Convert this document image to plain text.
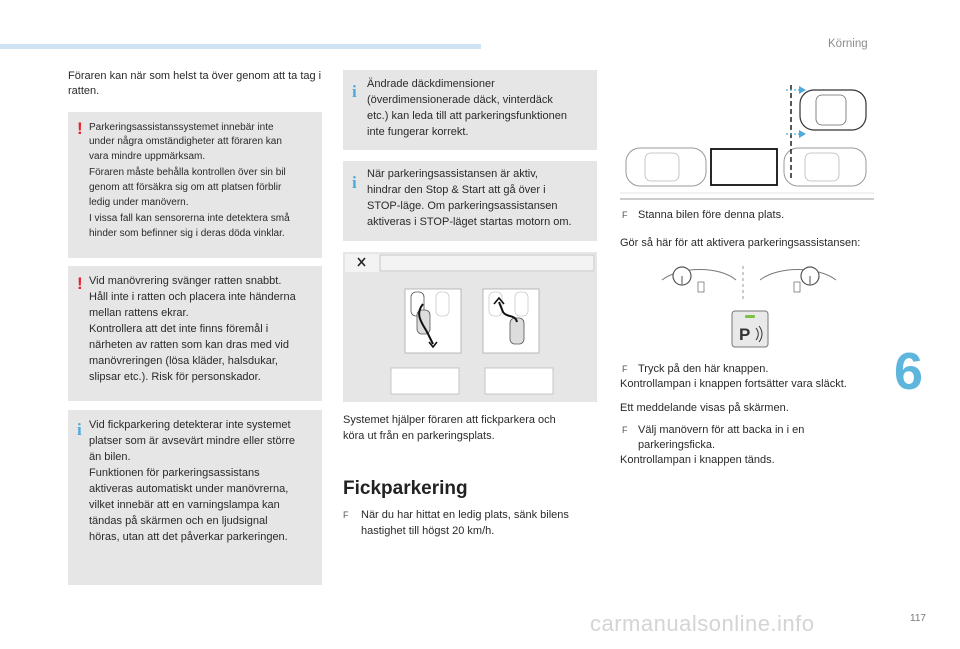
Körning
6
117
Föraren kan när som helst ta över genom att ta tag i ratten.
! Parkeringsassistanssystemet innebär inte
under några omständigheter att föraren kan
vara mindre uppmärksam.
Föraren måste behålla kontrollen över sin bil
genom att försäkra sig om att platsen förblir
ledig under manövern.
I vissa fall kan sensorerna inte detektera små
hinder som befinner sig i deras döda vinklar.
! Vid manövrering svänger ratten snabbt.
Håll inte i ratten och placera inte händerna
mellan rattens ekrar.
Kontrollera att det inte finns föremål i
närheten av ratten som kan dras med vid
manövreringen (lösa kläder, halsdukar,
slipsar etc.). Risk för personskador.
i Vid fickparkering detekterar inte systemet
platser som är avsevärt mindre eller större
än bilen.
Funktionen för parkeringsassistans
aktiveras automatiskt under manövrerna,
vilket innebär att en varningslampa kan
tändas på skärmen och en ljudsignal
höras, utan att det påverkar parkeringen.
i Ändrade däckdimensioner
(överdimensionerade däck, vinterdäck
etc.) kan leda till att parkeringsfunktionen
inte fungerar korrekt.
i När parkeringsassistansen är aktiv,
hindrar den Stop & Start att gå över i
STOP-läge. Om parkeringsassistansen
aktiveras i STOP-läget startas motorn om.
Systemet hjälper föraren att fickparkera och
köra ut från en parkeringsplats.
Fickparkering
F När du har hittat en ledig plats, sänk bilens
hastighet till högst 20 km/h.
F Stanna bilen före denna plats.
Gör så här för att aktivera parkeringsassistansen:
P
F Tryck på den här knappen.
Kontrollampan i knappen fortsätter vara släckt.
Ett meddelande visas på skärmen.
F Välj manövern för att backa in i en
parkeringsficka.
Kontrollampan i knappen tänds.
carmanualsonline.info
